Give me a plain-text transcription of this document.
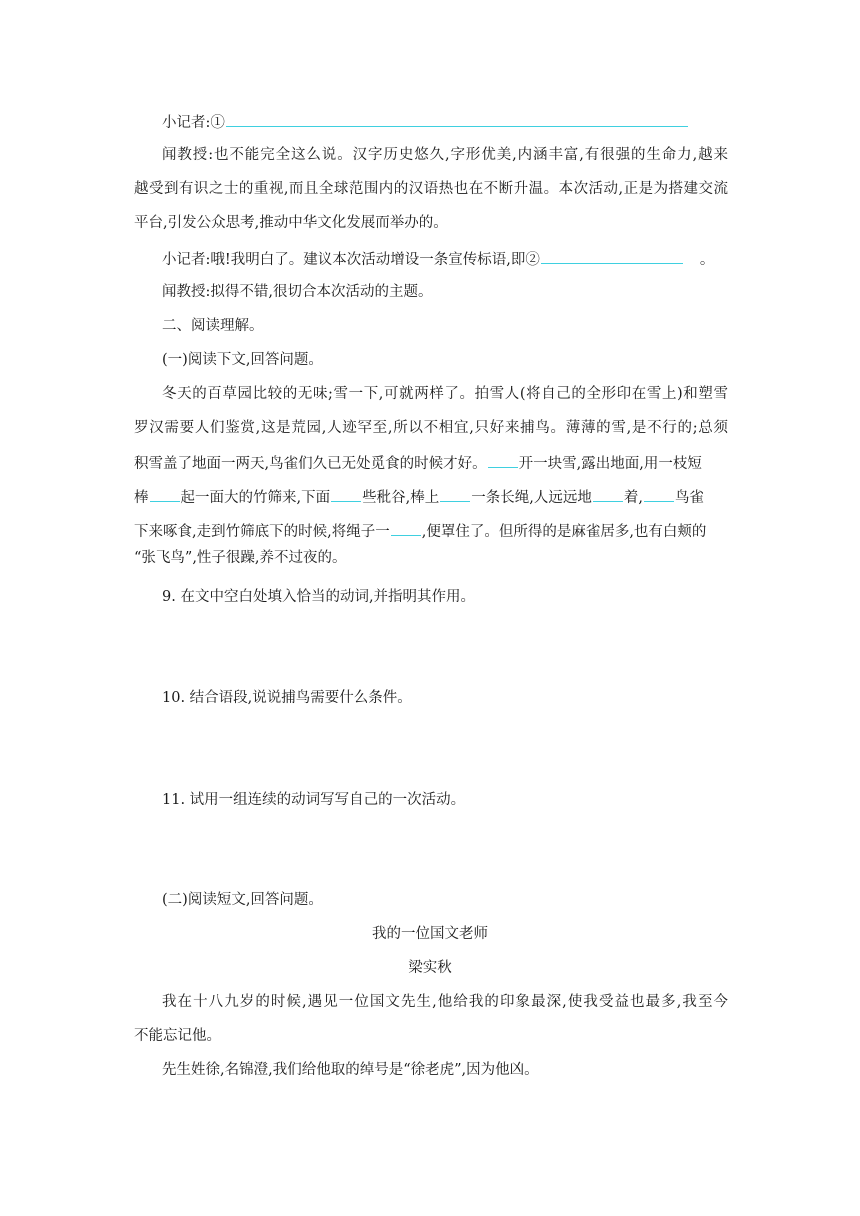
小记者:①
闻教授:也不能完全这么说。汉字历史悠久,字形优美,内涵丰富,有很强的生命力,越来
越受到有识之士的重视,而且全球范围内的汉语热也在不断升温。本次活动,正是为搭建交流
平台,引发公众思考,推动中华文化发展而举办的。
小记者:哦!我明白了。建议本次活动增设一条宣传标语,即②	。
闻教授:拟得不错,很切合本次活动的主题。
二、阅读理解。
(一)阅读下文,回答问题。
冬天的百草园比较的无味;雪一下,可就两样了。拍雪人(将自己的全形印在雪上)和塑雪
罗汉需要人们鉴赏,这是荒园,人迹罕至,所以不相宜,只好来捕鸟。薄薄的雪,是不行的;总须
积雪盖了地面一两天,鸟雀们久已无处觅食的时候才好。 开一块雪,露出地面,用一枝短
棒 起一面大的竹筛来,下面 些秕谷,棒上 一条长绳,人远远地 着, 鸟雀
下来啄食,走到竹筛底下的时候,将绳子一 ,便罩住了。但所得的是麻雀居多,也有白颊的
“张飞鸟”,性子很躁,养不过夜的。
9. 在文中空白处填入恰当的动词,并指明其作用。
10. 结合语段,说说捕鸟需要什么条件。
11. 试用一组连续的动词写写自己的一次活动。
(二)阅读短文,回答问题。
我的一位国文老师
梁实秋
我在十八九岁的时候,遇见一位国文先生,他给我的印象最深,使我受益也最多,我至今
不能忘记他。
先生姓徐,名锦澄,我们给他取的绰号是“徐老虎”,因为他凶。
